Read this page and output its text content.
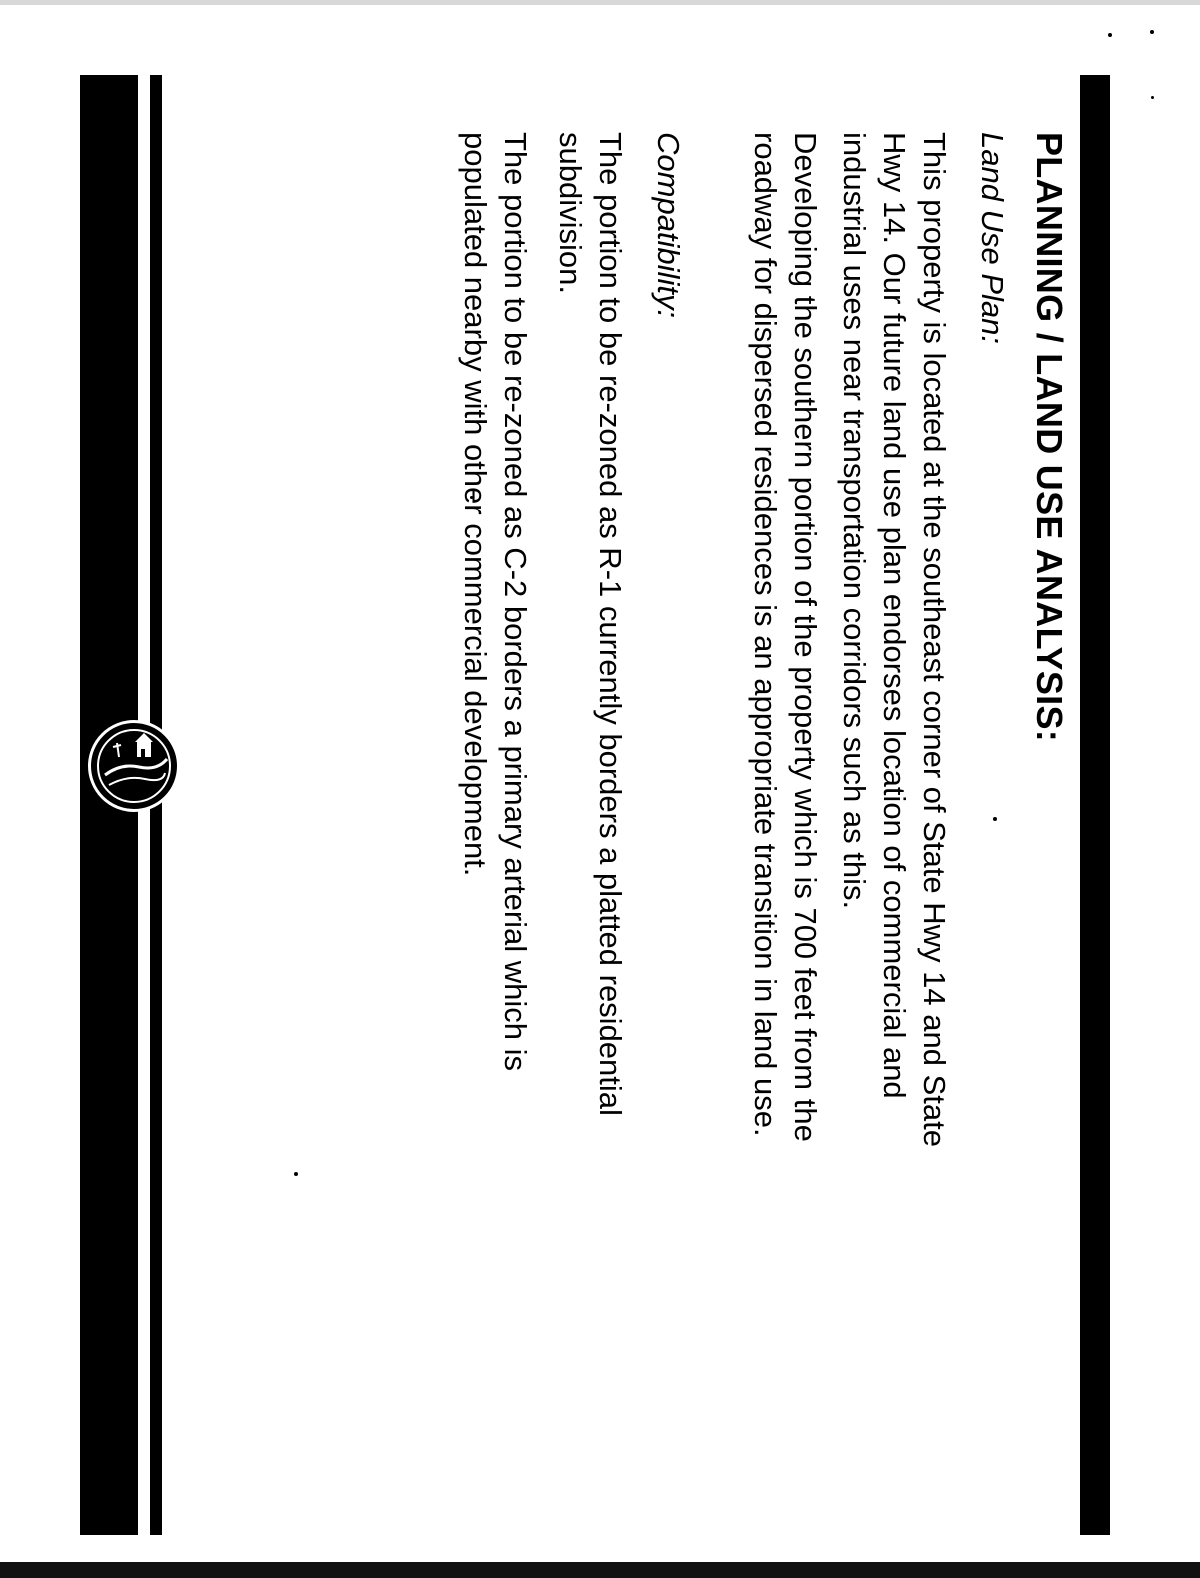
PLANNING / LAND USE ANALYSIS:

Land Use Plan:

This property is located at the southeast corner of State Hwy 14 and State Hwy 14. Our future land use plan endorses location of commercial and industrial uses near transportation corridors such as this.

Developing the southern portion of the property which is 700 feet from the roadway for dispersed residences is an appropriate transition in land use.

Compatibility:

The portion to be re-zoned as R-1 currently borders a platted residential subdivision.

The portion to be re-zoned as C-2 borders a primary arterial which is populated nearby with other commercial development.
